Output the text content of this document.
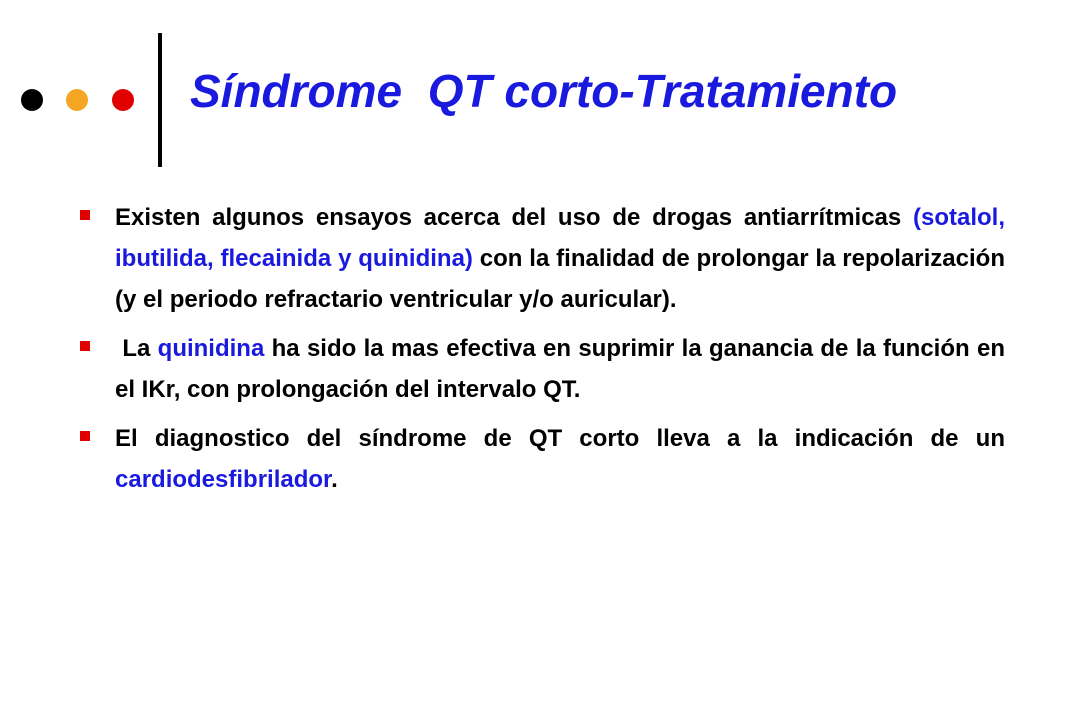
Síndrome  QT corto-Tratamiento
Existen algunos ensayos acerca del uso de drogas antiarrítmicas (sotalol, ibutilida, flecainida y quinidina) con la finalidad de prolongar la repolarización (y el periodo refractario ventricular y/o auricular).
La quinidina ha sido la mas efectiva en suprimir la ganancia de la función en el IKr, con prolongación del intervalo QT.
El diagnostico del síndrome de QT corto lleva a la indicación de un cardiodesfibrilador.
